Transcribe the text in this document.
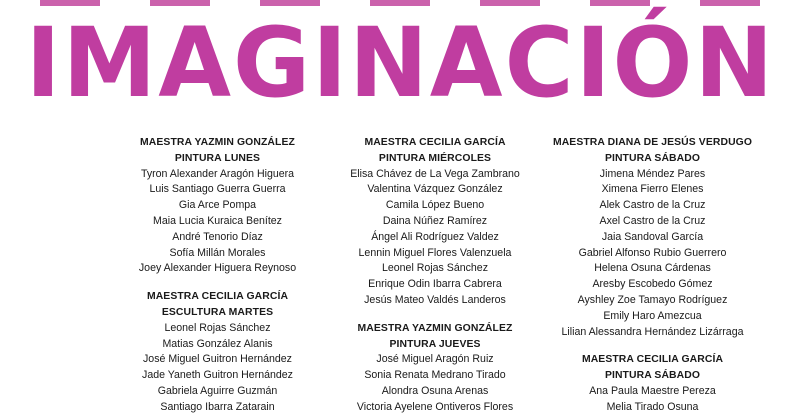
IMAGINACIÓN
MAESTRA YAZMIN GONZÁLEZ
PINTURA LUNES
Tyron Alexander Aragón Higuera
Luis Santiago Guerra Guerra
Gia Arce Pompa
Maia Lucia Kuraica Benítez
André Tenorio Díaz
Sofía Millán Morales
Joey Alexander Higuera Reynoso
MAESTRA CECILIA GARCÍA
ESCULTURA MARTES
Leonel Rojas Sánchez
Matias González Alanis
José Miguel Guitron Hernández
Jade Yaneth Guitron Hernández
Gabriela Aguirre Guzmán
Santiago Ibarra Zatarain
MAESTRA CECILIA GARCÍA
PINTURA MIÉRCOLES
Elisa Chávez de La Vega Zambrano
Valentina Vázquez González
Camila López Bueno
Daina Núñez Ramírez
Ángel Ali Rodríguez Valdez
Lennin Miguel Flores Valenzuela
Leonel Rojas Sánchez
Enrique Odin Ibarra Cabrera
Jesús Mateo Valdés Landeros
MAESTRA YAZMIN GONZÁLEZ
PINTURA JUEVES
José Miguel Aragón Ruiz
Sonia Renata Medrano Tirado
Alondra Osuna Arenas
Victoria Ayelene Ontiveros Flores
MAESTRA DIANA DE JESÚS VERDUGO
PINTURA SÁBADO
Jimena Méndez Pares
Ximena Fierro Elenes
Alek Castro de la Cruz
Axel Castro de la Cruz
Jaia Sandoval García
Gabriel Alfonso Rubio Guerrero
Helena Osuna Cárdenas
Aresby Escobedo Gómez
Ayshley Zoe Tamayo Rodríguez
Emily Haro Amezcua
Lilian Alessandra Hernández Lizárraga
MAESTRA CECILIA GARCÍA
PINTURA SÁBADO
Ana Paula Maestre Pereza
Melia Tirado Osuna
